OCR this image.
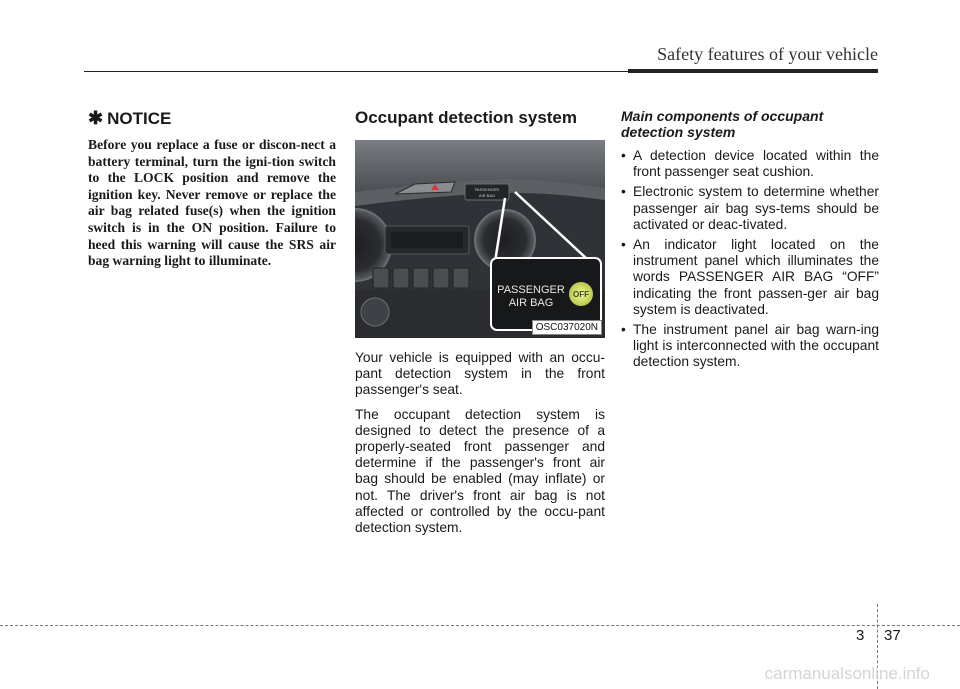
Safety features of your vehicle
✱ NOTICE

Before you replace a fuse or discon-nect a battery terminal, turn the igni-tion switch to the LOCK position and remove the ignition key. Never remove or replace the air bag related fuse(s) when the ignition switch is in the ON position. Failure to heed this warning will cause the SRS air bag warning light to illuminate.

Occupant detection system
PASSENGER
AIR BAG
PASSENGER
AIR BAG
OFF
OSC037020N

Your vehicle is equipped with an occu-pant detection system in the front passenger's seat.

The occupant detection system is designed to detect the presence of a properly-seated front passenger and determine if the passenger's front air bag should be enabled (may inflate) or not. The driver's front air bag is not affected or controlled by the occu-pant detection system.

Main components of occupant detection system
• A detection device located within the front passenger seat cushion.
• Electronic system to determine whether passenger air bag sys-tems should be activated or deac-tivated.
• An indicator light located on the instrument panel which illuminates the words PASSENGER AIR BAG “OFF” indicating the front passen-ger air bag system is deactivated.
• The instrument panel air bag warn-ing light is interconnected with the occupant detection system.
3 37
carmanualsonline.info
